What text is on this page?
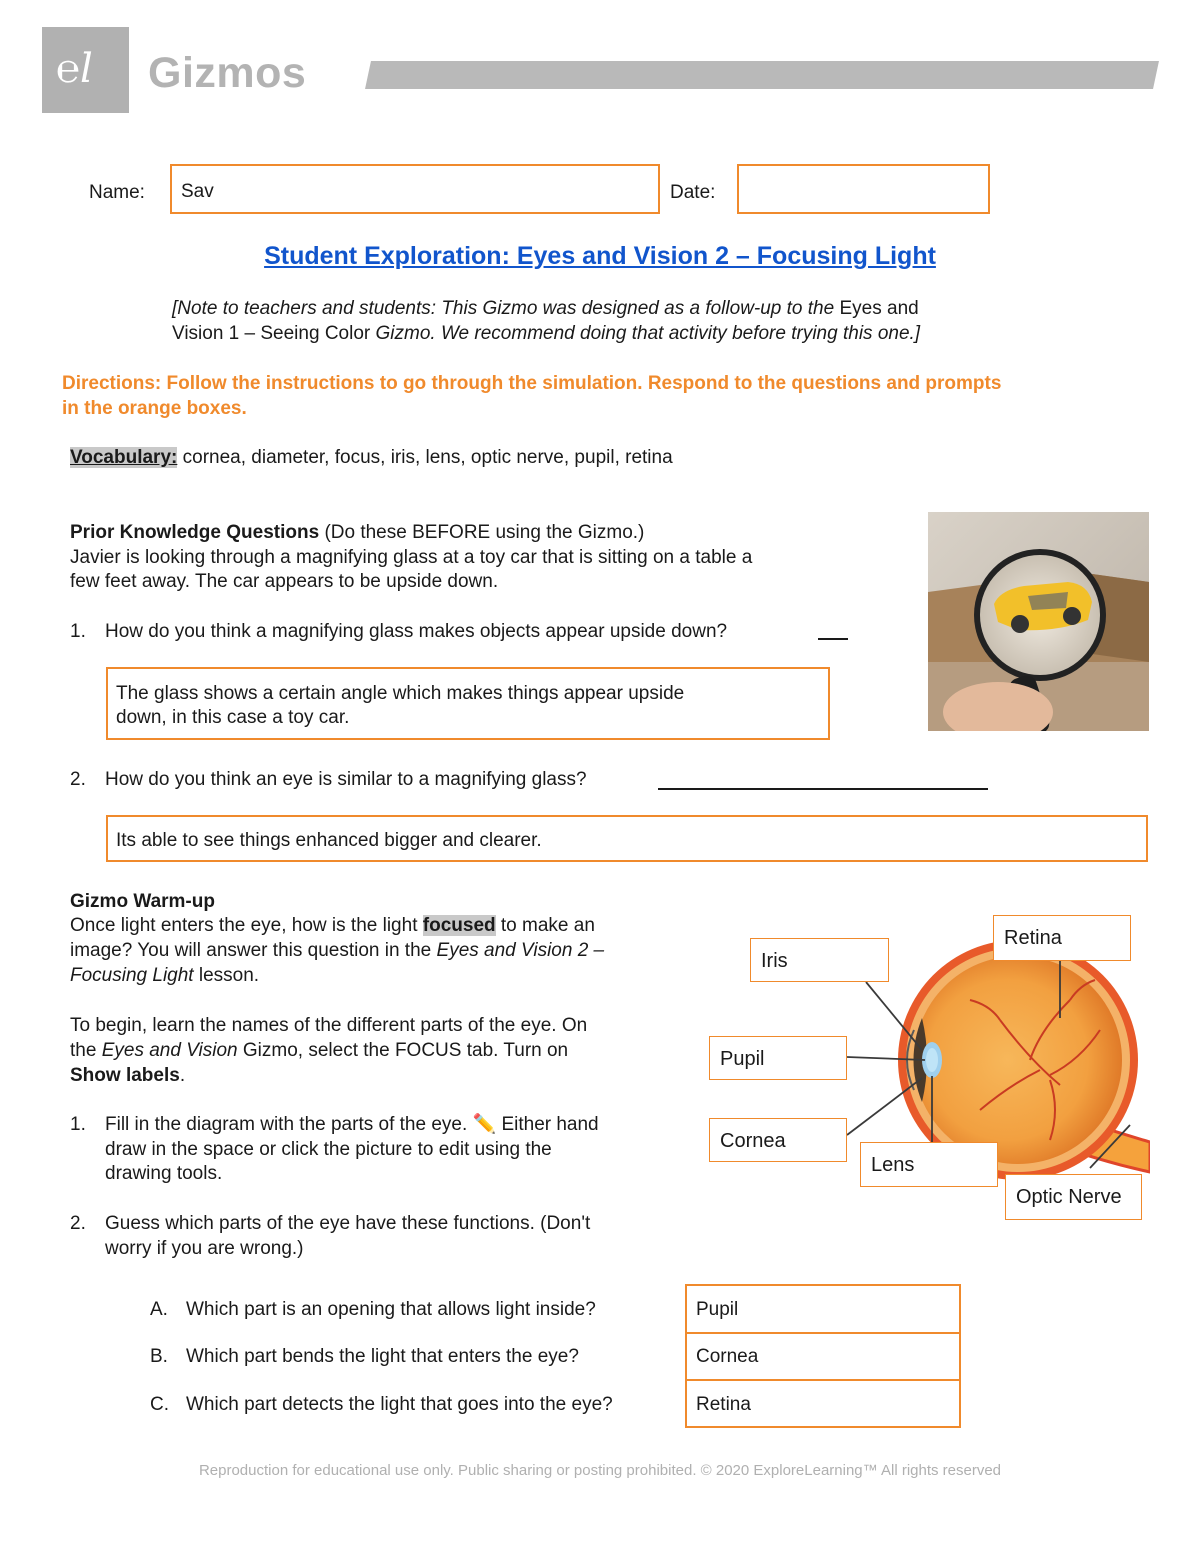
℮l Gizmos
Name: Sav	Date:
Student Exploration: Eyes and Vision 2 – Focusing Light
[Note to teachers and students: This Gizmo was designed as a follow-up to the Eyes and
Vision 1 – Seeing Color Gizmo. We recommend doing that activity before trying this one.]
Directions: Follow the instructions to go through the simulation. Respond to the questions and prompts
in the orange boxes.
Vocabulary: cornea, diameter, focus, iris, lens, optic nerve, pupil, retina
Prior Knowledge Questions (Do these BEFORE using the Gizmo.)
Javier is looking through a magnifying glass at a toy car that is sitting on a table a
few feet away. The car appears to be upside down.
1. How do you think a magnifying glass makes objects appear upside down?
The glass shows a certain angle which makes things appear upside
down, in this case a toy car.
2. How do you think an eye is similar to a magnifying glass?
Its able to see things enhanced bigger and clearer.
Gizmo Warm-up
Once light enters the eye, how is the light focused to make an
image? You will answer this question in the Eyes and Vision 2 –
Focusing Light lesson.
To begin, learn the names of the different parts of the eye. On
the Eyes and Vision Gizmo, select the FOCUS tab. Turn on
Show labels.
1. Fill in the diagram with the parts of the eye. ✏️ Either hand
draw in the space or click the picture to edit using the
drawing tools.
2. Guess which parts of the eye have these functions. (Don't
worry if you are wrong.)
Iris
Retina
Pupil
Cornea
Lens
Optic Nerve
A. Which part is an opening that allows light inside?
B. Which part bends the light that enters the eye?
C. Which part detects the light that goes into the eye?
Pupil
Cornea
Retina
Reproduction for educational use only. Public sharing or posting prohibited. © 2020 ExploreLearning™ All rights reserved
